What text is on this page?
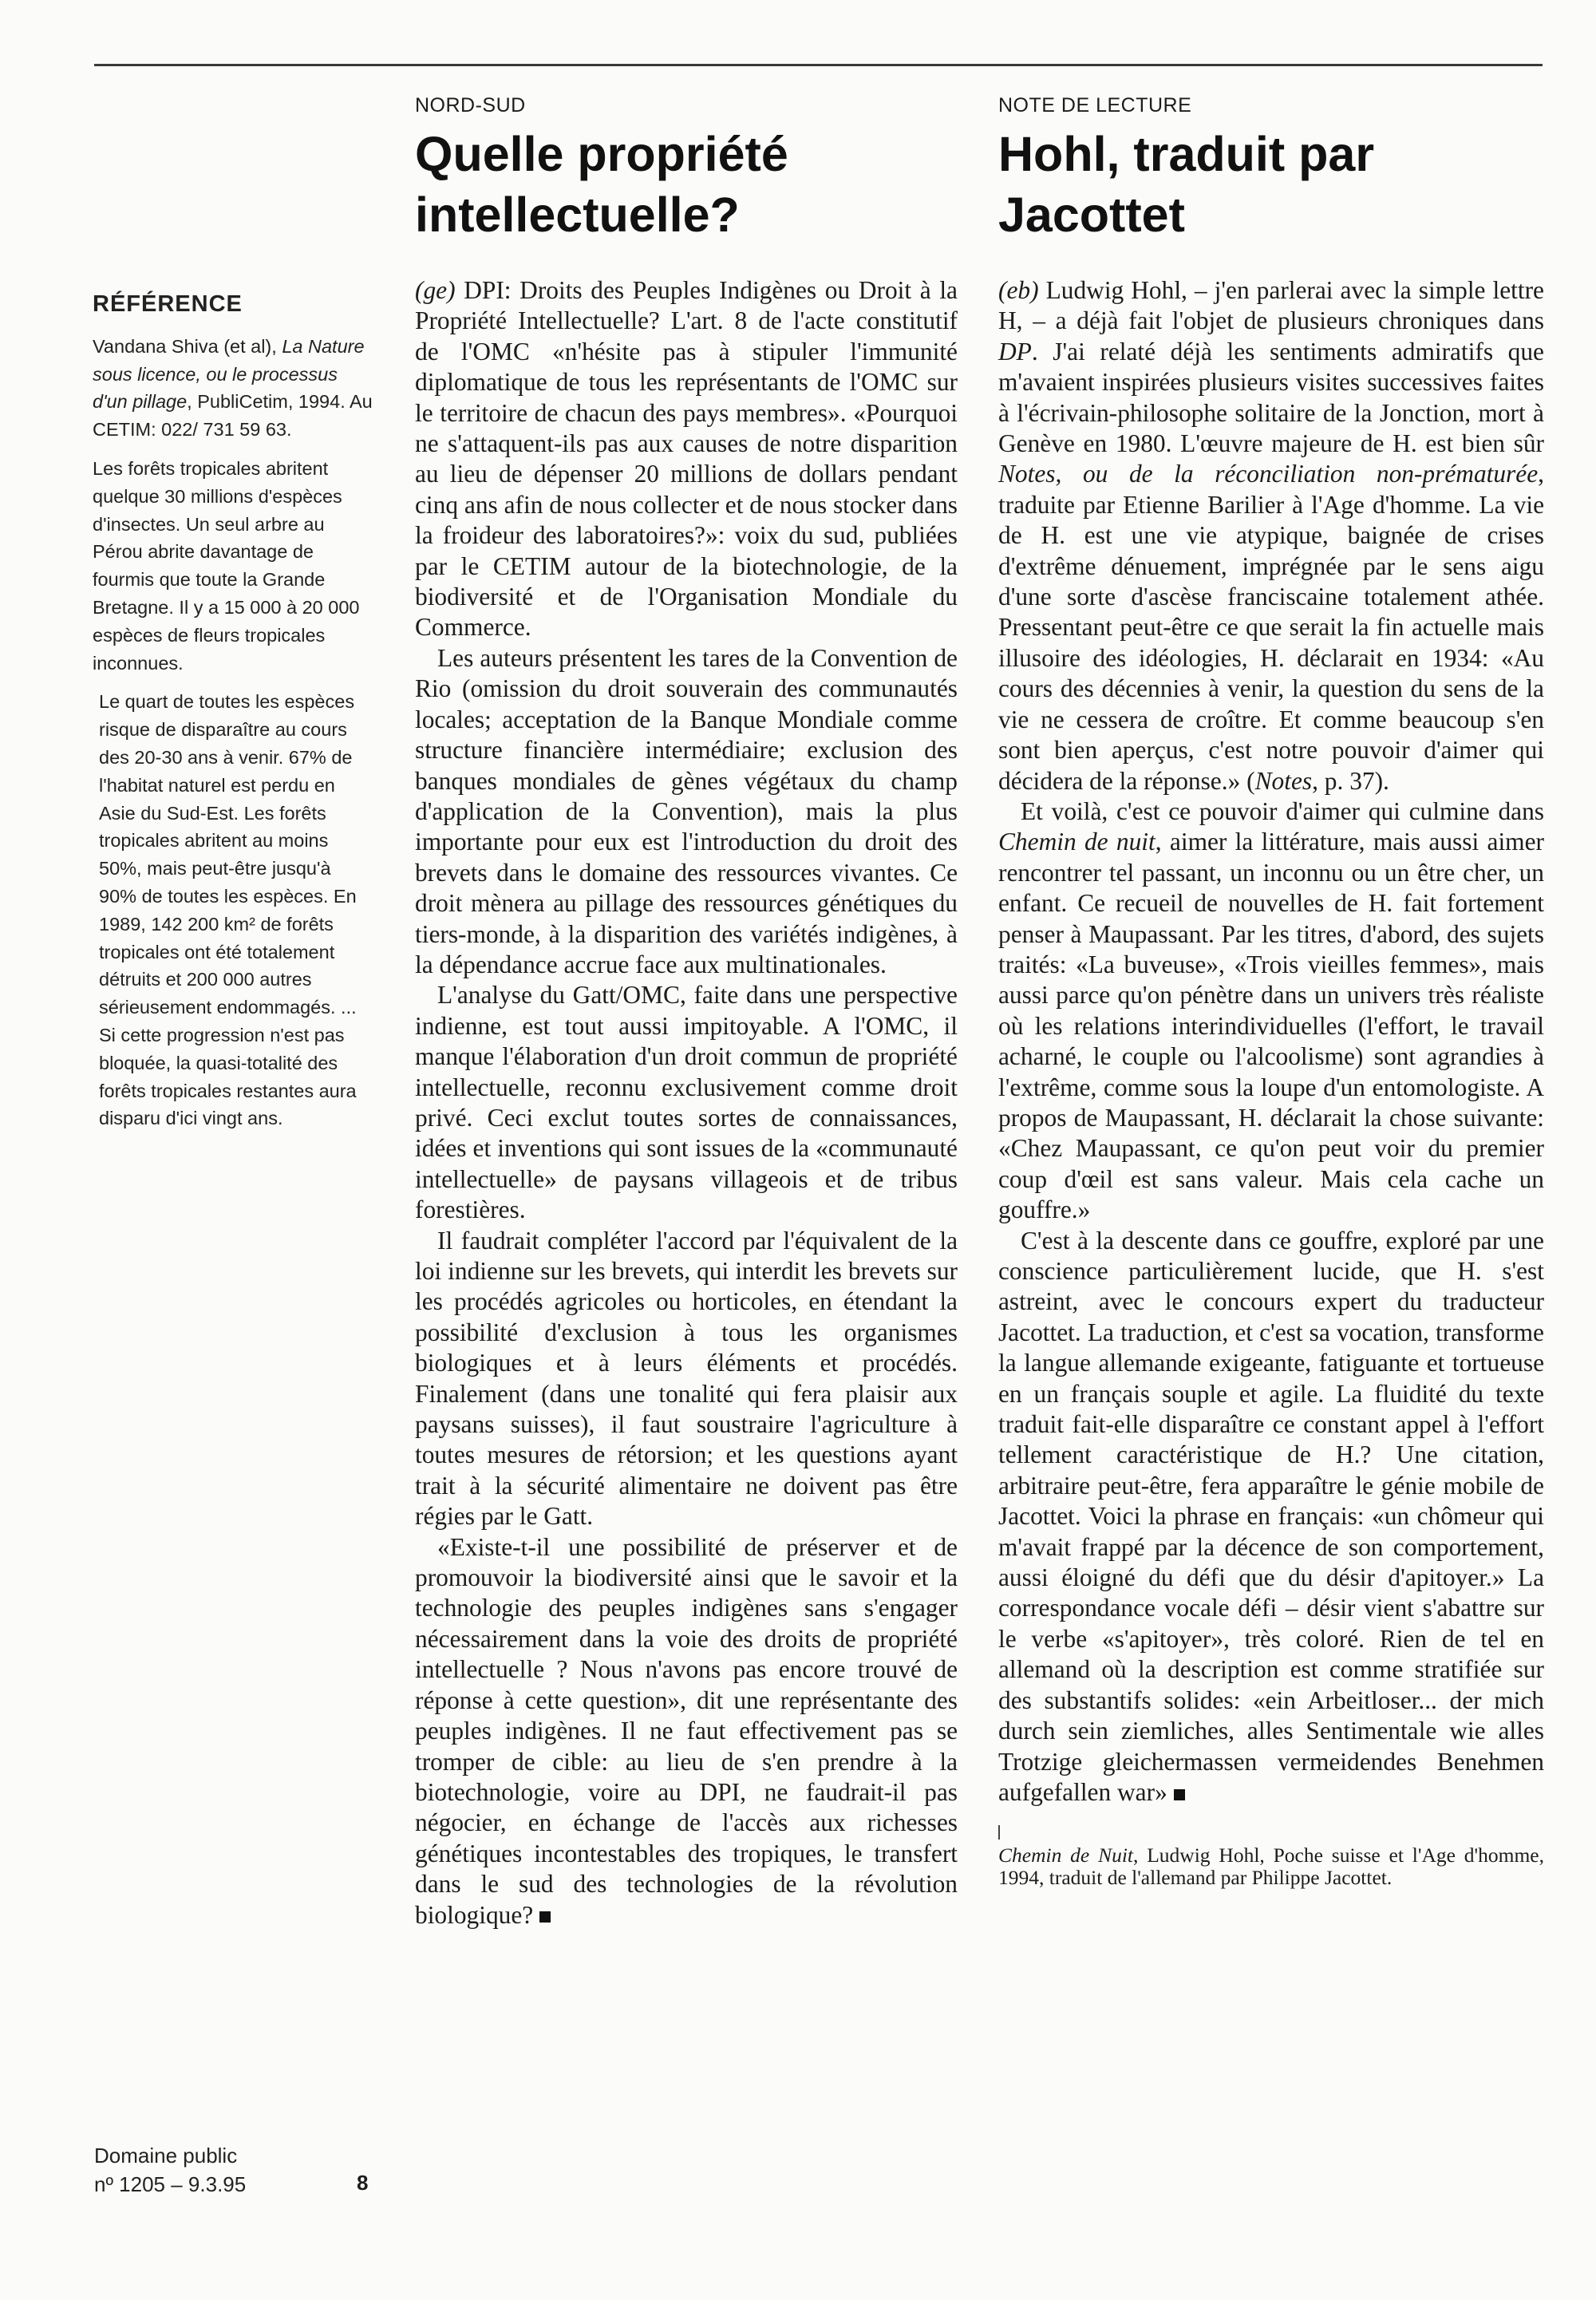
RÉFÉRENCE

Vandana Shiva (et al), La Nature sous licence, ou le processus d'un pillage, PubliCetim, 1994. Au CETIM: 022/ 731 59 63.

Les forêts tropicales abritent quelque 30 millions d'espèces d'insectes. Un seul arbre au Pérou abrite davantage de fourmis que toute la Grande Bretagne. Il y a 15 000 à 20 000 espèces de fleurs tropicales inconnues.

Le quart de toutes les espèces risque de disparaître au cours des 20-30 ans à venir. 67% de l'habitat naturel est perdu en Asie du Sud-Est. Les forêts tropicales abritent au moins 50%, mais peut-être jusqu'à 90% de toutes les espèces. En 1989, 142 200 km² de forêts tropicales ont été totalement détruits et 200 000 autres sérieusement endommagés. ... Si cette progression n'est pas bloquée, la quasi-totalité des forêts tropicales restantes aura disparu d'ici vingt ans.

Domaine public
nº 1205 – 9.3.95	8
NORD-SUD
Quelle propriété intellectuelle?

(ge) DPI: Droits des Peuples Indigènes ou Droit à la Propriété Intellectuelle? L'art. 8 de l'acte constitutif de l'OMC «n'hésite pas à stipuler l'immunité diplomatique de tous les représentants de l'OMC sur le territoire de chacun des pays membres». «Pourquoi ne s'attaquent-ils pas aux causes de notre disparition au lieu de dépenser 20 millions de dollars pendant cinq ans afin de nous collecter et de nous stocker dans la froideur des laboratoires?»: voix du sud, publiées par le CETIM autour de la biotechnologie, de la biodiversité et de l'Organisation Mondiale du Commerce.

Les auteurs présentent les tares de la Convention de Rio (omission du droit souverain des communautés locales; acceptation de la Banque Mondiale comme structure financière intermédiaire; exclusion des banques mondiales de gènes végétaux du champ d'application de la Convention), mais la plus importante pour eux est l'introduction du droit des brevets dans le domaine des ressources vivantes. Ce droit mènera au pillage des ressources génétiques du tiers-monde, à la disparition des variétés indigènes, à la dépendance accrue face aux multinationales.

L'analyse du Gatt/OMC, faite dans une perspective indienne, est tout aussi impitoyable. A l'OMC, il manque l'élaboration d'un droit commun de propriété intellectuelle, reconnu exclusivement comme droit privé. Ceci exclut toutes sortes de connaissances, idées et inventions qui sont issues de la «communauté intellectuelle» de paysans villageois et de tribus forestières.

Il faudrait compléter l'accord par l'équivalent de la loi indienne sur les brevets, qui interdit les brevets sur les procédés agricoles ou horticoles, en étendant la possibilité d'exclusion à tous les organismes biologiques et à leurs éléments et procédés. Finalement (dans une tonalité qui fera plaisir aux paysans suisses), il faut soustraire l'agriculture à toutes mesures de rétorsion; et les questions ayant trait à la sécurité alimentaire ne doivent pas être régies par le Gatt.

«Existe-t-il une possibilité de préserver et de promouvoir la biodiversité ainsi que le savoir et la technologie des peuples indigènes sans s'engager nécessairement dans la voie des droits de propriété intellectuelle ? Nous n'avons pas encore trouvé de réponse à cette question», dit une représentante des peuples indigènes. Il ne faut effectivement pas se tromper de cible: au lieu de s'en prendre à la biotechnologie, voire au DPI, ne faudrait-il pas négocier, en échange de l'accès aux richesses génétiques incontestables des tropiques, le transfert dans le sud des technologies de la révolution biologique?

NOTE DE LECTURE
Hohl, traduit par Jacottet

(eb) Ludwig Hohl, – j'en parlerai avec la simple lettre H, – a déjà fait l'objet de plusieurs chroniques dans DP. J'ai relaté déjà les sentiments admiratifs que m'avaient inspirées plusieurs visites successives faites à l'écrivain-philosophe solitaire de la Jonction, mort à Genève en 1980. L'œuvre majeure de H. est bien sûr Notes, ou de la réconciliation non-prématurée, traduite par Etienne Barilier à l'Age d'homme. La vie de H. est une vie atypique, baignée de crises d'extrême dénuement, imprégnée par le sens aigu d'une sorte d'ascèse franciscaine totalement athée. Pressentant peut-être ce que serait la fin actuelle mais illusoire des idéologies, H. déclarait en 1934: «Au cours des décennies à venir, la question du sens de la vie ne cessera de croître. Et comme beaucoup s'en sont bien aperçus, c'est notre pouvoir d'aimer qui décidera de la réponse.» (Notes, p. 37).

Et voilà, c'est ce pouvoir d'aimer qui culmine dans Chemin de nuit, aimer la littérature, mais aussi aimer rencontrer tel passant, un inconnu ou un être cher, un enfant. Ce recueil de nouvelles de H. fait fortement penser à Maupassant. Par les titres, d'abord, des sujets traités: «La buveuse», «Trois vieilles femmes», mais aussi parce qu'on pénètre dans un univers très réaliste où les relations interindividuelles (l'effort, le travail acharné, le couple ou l'alcoolisme) sont agrandies à l'extrême, comme sous la loupe d'un entomologiste. A propos de Maupassant, H. déclarait la chose suivante: «Chez Maupassant, ce qu'on peut voir du premier coup d'œil est sans valeur. Mais cela cache un gouffre.»

C'est à la descente dans ce gouffre, exploré par une conscience particulièrement lucide, que H. s'est astreint, avec le concours expert du traducteur Jacottet. La traduction, et c'est sa vocation, transforme la langue allemande exigeante, fatiguante et tortueuse en un français souple et agile. La fluidité du texte traduit fait-elle disparaître ce constant appel à l'effort tellement caractéristique de H.? Une citation, arbitraire peut-être, fera apparaître le génie mobile de Jacottet. Voici la phrase en français: «un chômeur qui m'avait frappé par la décence de son comportement, aussi éloigné du défi que du désir d'apitoyer.» La correspondance vocale défi – désir vient s'abattre sur le verbe «s'apitoyer», très coloré. Rien de tel en allemand où la description est comme stratifiée sur des substantifs solides: «ein Arbeitloser... der mich durch sein ziemliches, alles Sentimentale wie alles Trotzige gleichermassen vermeidendes Benehmen aufgefallen war»

Chemin de Nuit, Ludwig Hohl, Poche suisse et l'Age d'homme, 1994, traduit de l'allemand par Philippe Jacottet.
